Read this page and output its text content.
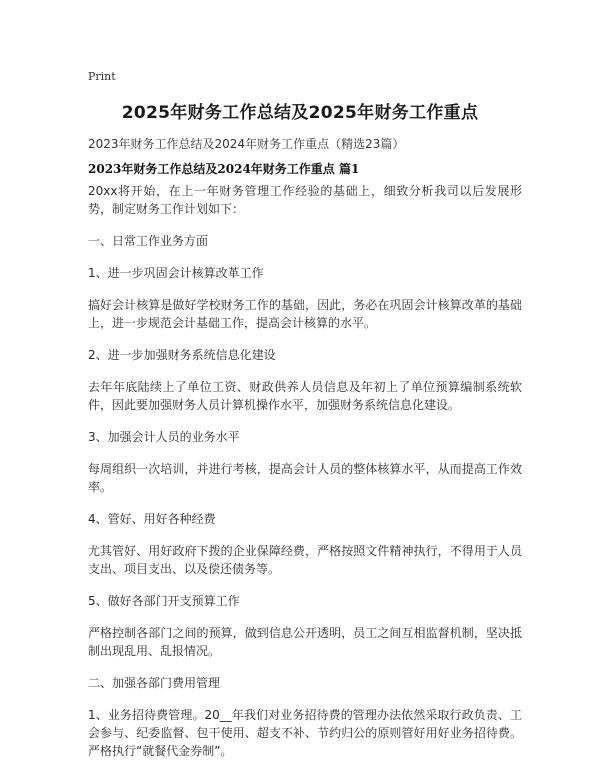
Print
2025年财务工作总结及2025年财务工作重点
2023年财务工作总结及2024年财务工作重点（精选23篇）
2023年财务工作总结及2024年财务工作重点 篇1

20xx将开始，在上一年财务管理工作经验的基础上，细致分析我司以后发展形势，制定财务工作计划如下：

一、日常工作业务方面

1、进一步巩固会计核算改革工作

搞好会计核算是做好学校财务工作的基础，因此，务必在巩固会计核算改革的基础上，进一步规范会计基础工作，提高会计核算的水平。

2、进一步加强财务系统信息化建设

去年年底陆续上了单位工资、财政供养人员信息及年初上了单位预算编制系统软件，因此要加强财务人员计算机操作水平，加强财务系统信息化建设。

3、加强会计人员的业务水平

每周组织一次培训，并进行考核，提高会计人员的整体核算水平，从而提高工作效率。

4、管好、用好各种经费

尤其管好、用好政府下拨的企业保障经费，严格按照文件精神执行，不得用于人员支出、项目支出、以及偿还债务等。

5、做好各部门开支预算工作

严格控制各部门之间的预算，做到信息公开透明，员工之间互相监督机制，坚决抵制出现乱用、乱报情况。

二、加强各部门费用管理

1、业务招待费管理。20__年我们对业务招待费的管理办法依然采取行政负责、工会参与、纪委监督、包干使用、超支不补、节约归公的原则管好用好业务招待费。严格执行“就餐代金券制”。
